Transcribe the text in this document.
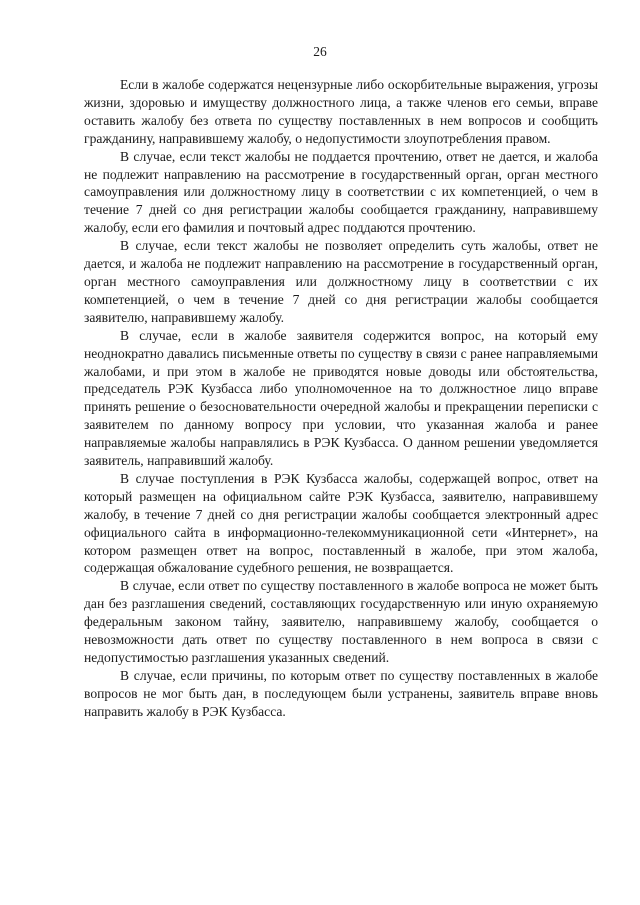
26

Если в жалобе содержатся нецензурные либо оскорбительные выражения, угрозы жизни, здоровью и имуществу должностного лица, а также членов его семьи, вправе оставить жалобу без ответа по существу поставленных в нем вопросов и сообщить гражданину, направившему жалобу, о недопустимости злоупотребления правом.

В случае, если текст жалобы не поддается прочтению, ответ не дается, и жалоба не подлежит направлению на рассмотрение в государственный орган, орган местного самоуправления или должностному лицу в соответствии с их компетенцией, о чем в течение 7 дней со дня регистрации жалобы сообщается гражданину, направившему жалобу, если его фамилия и почтовый адрес поддаются прочтению.

В случае, если текст жалобы не позволяет определить суть жалобы, ответ не дается, и жалоба не подлежит направлению на рассмотрение в государственный орган, орган местного самоуправления или должностному лицу в соответствии с их компетенцией, о чем в течение 7 дней со дня регистрации жалобы сообщается заявителю, направившему жалобу.

В случае, если в жалобе заявителя содержится вопрос, на который ему неоднократно давались письменные ответы по существу в связи с ранее направляемыми жалобами, и при этом в жалобе не приводятся новые доводы или обстоятельства, председатель РЭК Кузбасса либо уполномоченное на то должностное лицо вправе принять решение о безосновательности очередной жалобы и прекращении переписки с заявителем по данному вопросу при условии, что указанная жалоба и ранее направляемые жалобы направлялись в РЭК Кузбасса. О данном решении уведомляется заявитель, направивший жалобу.

В случае поступления в РЭК Кузбасса жалобы, содержащей вопрос, ответ на который размещен на официальном сайте РЭК Кузбасса, заявителю, направившему жалобу, в течение 7 дней со дня регистрации жалобы сообщается электронный адрес официального сайта в информационно-телекоммуникационной сети «Интернет», на котором размещен ответ на вопрос, поставленный в жалобе, при этом жалоба, содержащая обжалование судебного решения, не возвращается.

В случае, если ответ по существу поставленного в жалобе вопроса не может быть дан без разглашения сведений, составляющих государственную или иную охраняемую федеральным законом тайну, заявителю, направившему жалобу, сообщается о невозможности дать ответ по существу поставленного в нем вопроса в связи с недопустимостью разглашения указанных сведений.

В случае, если причины, по которым ответ по существу поставленных в жалобе вопросов не мог быть дан, в последующем были устранены, заявитель вправе вновь направить жалобу в РЭК Кузбасса.
